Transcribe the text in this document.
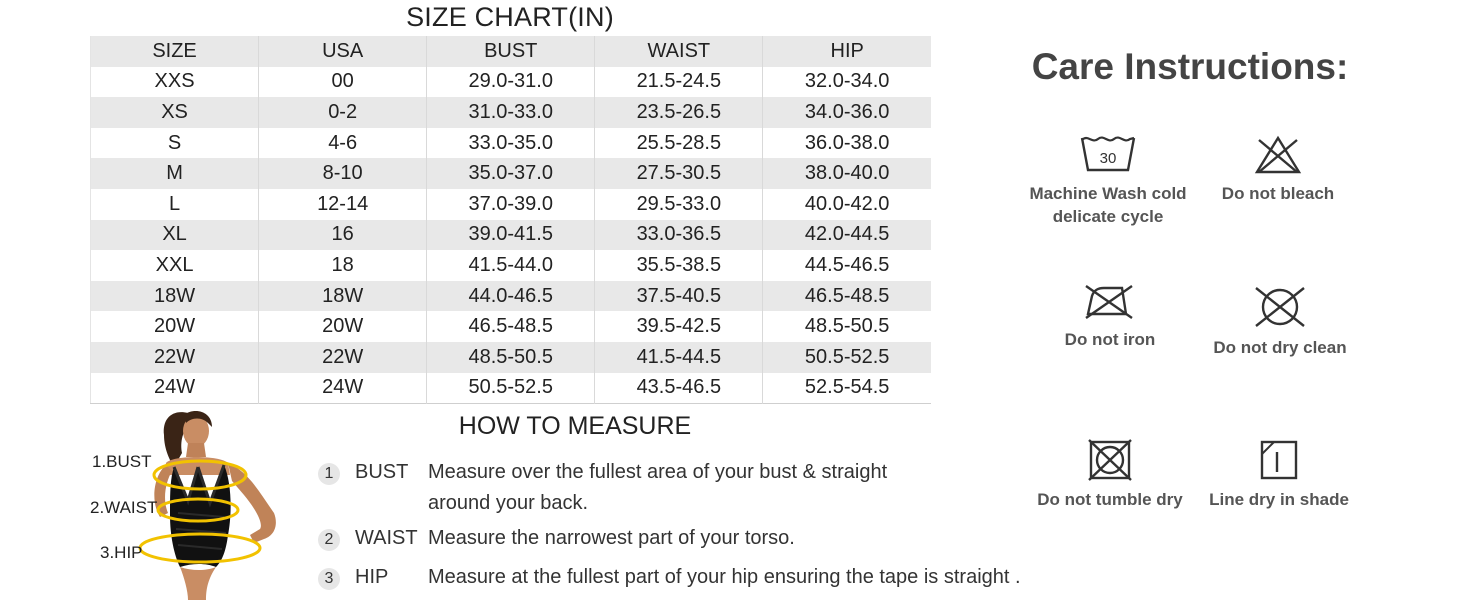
SIZE CHART(IN)
SIZE	USA	BUST	WAIST	HIP
XXS	00	29.0-31.0	21.5-24.5	32.0-34.0
XS	0-2	31.0-33.0	23.5-26.5	34.0-36.0
S	4-6	33.0-35.0	25.5-28.5	36.0-38.0
M	8-10	35.0-37.0	27.5-30.5	38.0-40.0
L	12-14	37.0-39.0	29.5-33.0	40.0-42.0
XL	16	39.0-41.5	33.0-36.5	42.0-44.5
XXL	18	41.5-44.0	35.5-38.5	44.5-46.5
18W	18W	44.0-46.5	37.5-40.5	46.5-48.5
20W	20W	46.5-48.5	39.5-42.5	48.5-50.5
22W	22W	48.5-50.5	41.5-44.5	50.5-52.5
24W	24W	50.5-52.5	43.5-46.5	52.5-54.5
1.BUST
2.WAIST
3.HIP
HOW TO MEASURE
1	BUST Measure over the fullest area of your bust & straight around your back.
2	WAIST Measure the narrowest part of your torso.
3	HIP Measure at the fullest part of your hip ensuring the tape is straight .
Care Instructions:
30
Machine Wash cold
delicate cycle
Do not bleach
Do not iron	Do not dry clean
Do not tumble dry	Line dry in shade
